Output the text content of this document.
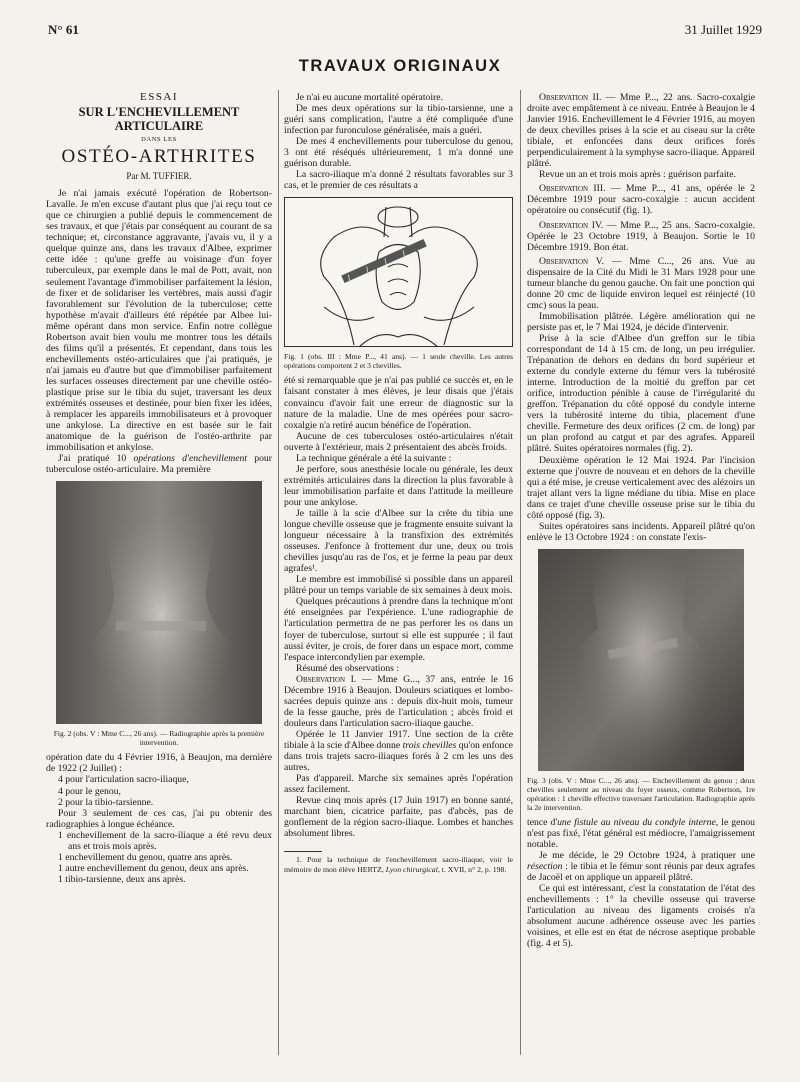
N° 61	31 Juillet 1929
TRAVAUX ORIGINAUX
ESSAI
SUR L'ENCHEVILLEMENT ARTICULAIRE
DANS LES
OSTÉO-ARTHRITES
Par M. TUFFIER.

Je n'ai jamais exécuté l'opération de Robertson-Lavalle. Je m'en excuse d'autant plus que j'ai reçu tout ce que ce chirurgien a publié depuis le commencement de ses travaux, et que j'étais par conséquent au courant de sa technique; et, circonstance aggravante, j'avais vu, il y a quelque quinze ans, dans les travaux d'Albee, exprimer cette idée : qu'une greffe au voisinage d'un foyer tuberculeux, par exemple dans le mal de Pott, avait, non seulement l'avantage d'immobiliser parfaitement la lésion, de fixer et de solidariser les vertèbres, mais aussi d'agir favorablement sur l'évolution de la tuberculose; cette hypothèse m'avait d'ailleurs été répétée par Albee lui-même opérant dans mon service. Enfin notre collègue Robertson avait bien voulu me montrer tous les détails des films qu'il a présentés. Et cependant, dans tous les enchevillements ostéo-articulaires que j'ai pratiqués, je n'ai jamais eu d'autre but que d'immobiliser parfaitement les surfaces osseuses directement par une cheville ostéo-plastique prise sur le tibia du sujet, traversant les deux extrémités osseuses et destinée, pour bien fixer les idées, à remplacer les appareils immobilisateurs et à provoquer une ankylose. La directive en est basée sur le fait anatomique de la guérison de l'ostéo-arthrite par immobilisation et ankylose.

J'ai pratiqué 10 opérations d'enchevillement pour tuberculose ostéo-articulaire. Ma première

Fig. 2 (obs. V : Mme C..., 26 ans). — Radiographie après la première intervention.

opération date du 4 Février 1916, à Beaujon, ma dernière de 1922 (2 Juillet) :

4 pour l'articulation sacro-iliaque,
4 pour le genou,
2 pour la tibio-tarsienne.

Pour 3 seulement de ces cas, j'ai pu obtenir des radiographies à longue échéance.

1 enchevillement de la sacro-iliaque a été revu deux ans et trois mois après.
1 enchevillement du genou, quatre ans après.
1 autre enchevillement du genou, deux ans après.
1 tibio-tarsienne, deux ans après.

Je n'ai eu aucune mortalité opératoire.

De mes deux opérations sur la tibio-tarsienne, une a guéri sans complication, l'autre a été compliquée d'une infection par furonculose généralisée, mais a guéri.

De mes 4 enchevillements pour tuberculose du genou, 3 ont été réséqués ultérieurement, 1 m'a donné une guérison durable.

La sacro-iliaque m'a donné 2 résultats favorables sur 3 cas, et le premier de ces résultats a

Fig. 1 (obs. III : Mme P..., 41 ans). — 1 seule cheville. Les autres opérations comportent 2 et 3 chevilles.

été si remarquable que je n'ai pas publié ce succès et, en le faisant constater à mes élèves, je leur disais que j'étais convaincu d'avoir fait une erreur de diagnostic sur la nature de la maladie. Une de mes opérées pour sacro-coxalgie n'a retiré aucun bénéfice de l'opération.

Aucune de ces tuberculoses ostéo-articulaires n'était ouverte à l'extérieur, mais 2 présentaient des abcès froids.

La technique générale a été la suivante :

Je perfore, sous anesthésie locale ou générale, les deux extrémités articulaires dans la direction la plus favorable à leur immobilisation parfaite et dans l'attitude la meilleure pour une ankylose.

Je taille à la scie d'Albee sur la crête du tibia une longue cheville osseuse que je fragmente ensuite suivant la longueur nécessaire à la transfixion des extrémités osseuses. J'enfonce à frottement dur une, deux ou trois chevilles jusqu'au ras de l'os, et je ferme la peau par deux agrafes¹.

Le membre est immobilisé si possible dans un appareil plâtré pour un temps variable de six semaines à deux mois.

Quelques précautions à prendre dans la technique m'ont été enseignées par l'expérience. L'une radiographie de l'articulation permettra de ne pas perforer les os dans un foyer de tuberculose, surtout si elle est suppurée ; il faut aussi éviter, je crois, de forer dans un espace mort, comme l'espace intercondylien par exemple.

Résumé des observations :

Observation I. — Mme G..., 37 ans, entrée le 16 Décembre 1916 à Beaujon. Douleurs sciatiques et lombo-sacrées depuis quinze ans : depuis dix-huit mois, tumeur de la fesse gauche, près de l'articulation ; abcès froid et douleurs dans l'articulation sacro-iliaque gauche.

Opérée le 11 Janvier 1917. Une section de la crête tibiale à la scie d'Albee donne trois chevilles qu'on enfonce dans trois trajets sacro-iliaques forés à 2 cm les uns des autres.

Pas d'appareil. Marche six semaines après l'opération assez facilement.

Revue cinq mois après (17 Juin 1917) en bonne santé, marchant bien, cicatrice parfaite, pas d'abcès, pas de gonflement de la région sacro-iliaque. Lombes et hanches absolument libres.

1. Pour la technique de l'enchevillement sacro-iliaque, voir le mémoire de mon élève HERTZ, Lyon chirurgical, t. XVII, n° 2, p. 198.

Observation II. — Mme P..., 22 ans. Sacro-coxalgie droite avec empâtement à ce niveau. Entrée à Beaujon le 4 Janvier 1916. Enchevillement le 4 Février 1916, au moyen de deux chevilles prises à la scie et au ciseau sur la crête tibiale, et enfoncées dans deux orifices forés perpendiculairement à la symphyse sacro-iliaque. Appareil plâtré.

Revue un an et trois mois après : guérison parfaite.

Observation III. — Mme P..., 41 ans, opérée le 2 Décembre 1919 pour sacro-coxalgie : aucun accident opératoire ou consécutif (fig. 1).

Observation IV. — Mme P..., 25 ans. Sacro-coxalgie. Opérée le 23 Octobre 1919, à Beaujon. Sortie le 10 Décembre 1919. Bon état.

Observation V. — Mme C..., 26 ans. Vue au dispensaire de la Cité du Midi le 31 Mars 1928 pour une tumeur blanche du genou gauche. On fait une ponction qui donne 20 cmc de liquide environ lequel est réinjecté (10 cmc) sous la peau.

Immobilisation plâtrée. Légère amélioration qui ne persiste pas et, le 7 Mai 1924, je décide d'intervenir.

Prise à la scie d'Albee d'un greffon sur le tibia correspondant de 14 à 15 cm. de long, un peu irrégulier. Trépanation de dehors en dedans du bord supérieur et externe du condyle externe du fémur vers la tubérosité interne. Introduction de la moitié du greffon par cet orifice, introduction pénible à cause de l'irrégularité du greffon. Trépanation du côté opposé du condyle interne vers la tubérosité interne du tibia, placement d'une cheville. Fermeture des deux orifices (2 cm. de long) par un plan profond au catgut et par des agrafes. Appareil plâtré. Suites opératoires normales (fig. 2).

Deuxième opération le 12 Mai 1924. Par l'incision externe que j'ouvre de nouveau et en dehors de la cheville qui a été mise, je creuse verticalement avec des alézoirs un trajet allant vers la ligne médiane du tibia. Mise en place dans ce trajet d'une cheville osseuse prise sur le tibia du côté opposé (fig. 3).

Suites opératoires sans incidents. Appareil plâtré qu'on enlève le 13 Octobre 1924 : on constate l'exis-

Fig. 3 (obs. V : Mme C..., 26 ans). — Enchevillement du genou ; deux chevilles seulement au niveau du foyer osseux, comme Robertson, 1re opération : 1 cheville effective traversant l'articulation. Radiographie après la 2e intervention.

tence d'une fistule au niveau du condyle interne, le genou n'est pas fixé, l'état général est médiocre, l'amaigrissement notable.

Je me décide, le 29 Octobre 1924, à pratiquer une résection : le tibia et le fémur sont réunis par deux agrafes de Jacoël et on applique un appareil plâtré.

Ce qui est intéressant, c'est la constatation de l'état des enchevillements : 1° la cheville osseuse qui traverse l'articulation au niveau des ligaments croisés n'a absolument aucune adhérence osseuse avec les parties voisines, et elle est en état de nécrose aseptique probable (fig. 4 et 5).
